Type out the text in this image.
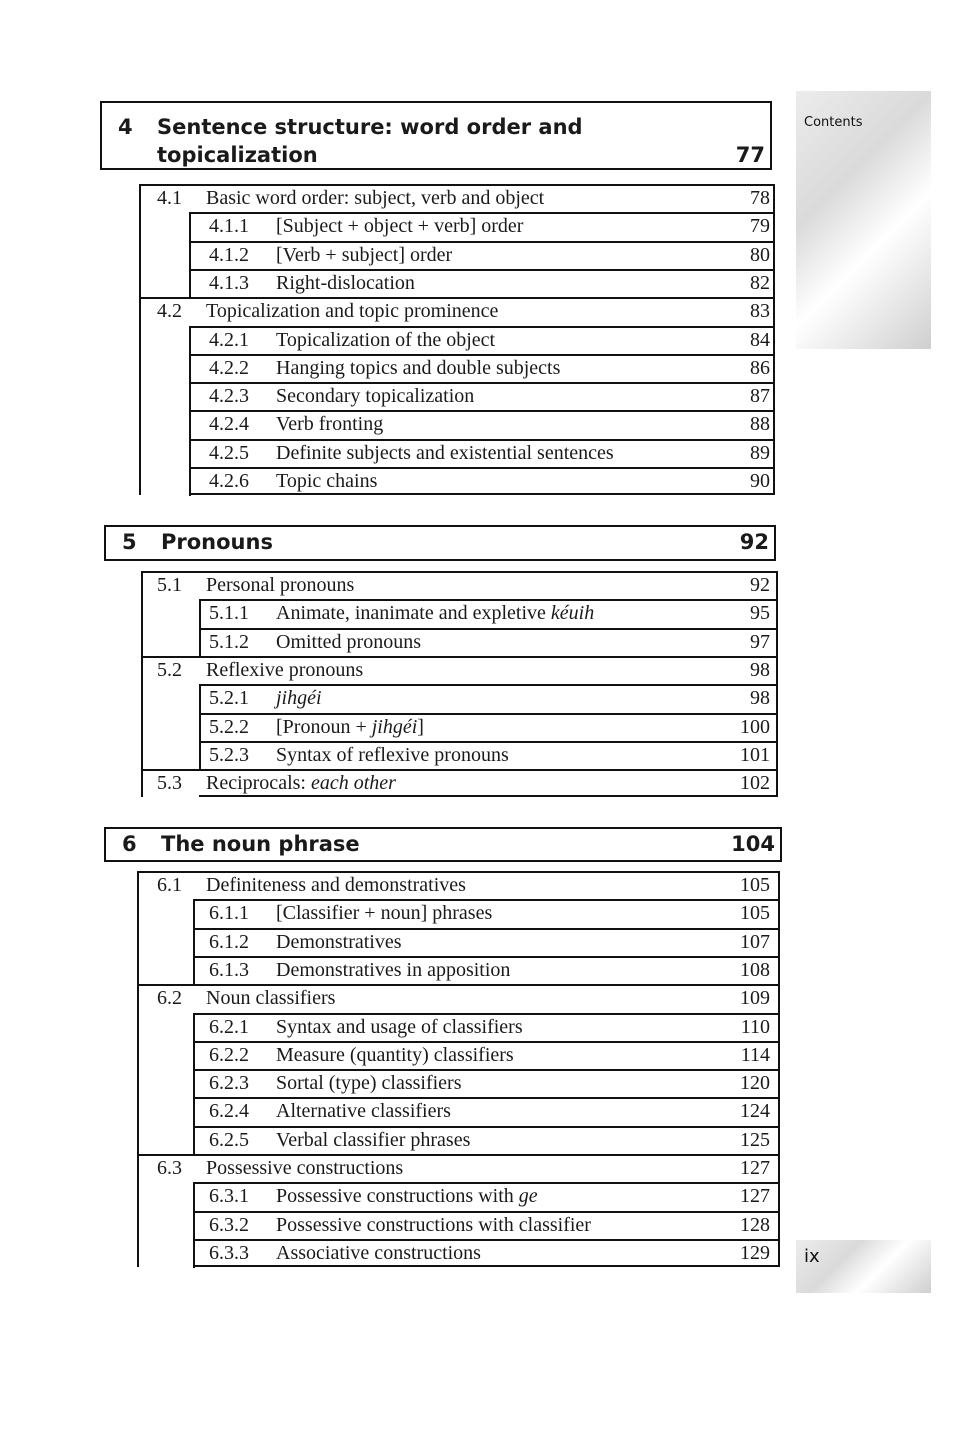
Contents
ix
4 Sentence structure: word order and
topicalization	77
4.1 Basic word order: subject, verb and object	78
4.1.1 [Subject + object + verb] order	79
4.1.2 [Verb + subject] order	80
4.1.3 Right-dislocation	82
4.2 Topicalization and topic prominence	83
4.2.1 Topicalization of the object	84
4.2.2 Hanging topics and double subjects	86
4.2.3 Secondary topicalization	87
4.2.4 Verb fronting	88
4.2.5 Definite subjects and existential sentences	89
4.2.6 Topic chains	90
5 Pronouns	92
5.1 Personal pronouns	92
5.1.1 Animate, inanimate and expletive kéuih	95
5.1.2 Omitted pronouns	97
5.2 Reflexive pronouns	98
5.2.1 jihgéi	98
5.2.2 [Pronoun + jihgéi]	100
5.2.3 Syntax of reflexive pronouns	101
5.3 Reciprocals: each other	102
6 The noun phrase	104
6.1 Definiteness and demonstratives	105
6.1.1 [Classifier + noun] phrases	105
6.1.2 Demonstratives	107
6.1.3 Demonstratives in apposition	108
6.2 Noun classifiers	109
6.2.1 Syntax and usage of classifiers	110
6.2.2 Measure (quantity) classifiers	114
6.2.3 Sortal (type) classifiers	120
6.2.4 Alternative classifiers	124
6.2.5 Verbal classifier phrases	125
6.3 Possessive constructions	127
6.3.1 Possessive constructions with ge	127
6.3.2 Possessive constructions with classifier	128
6.3.3 Associative constructions	129
